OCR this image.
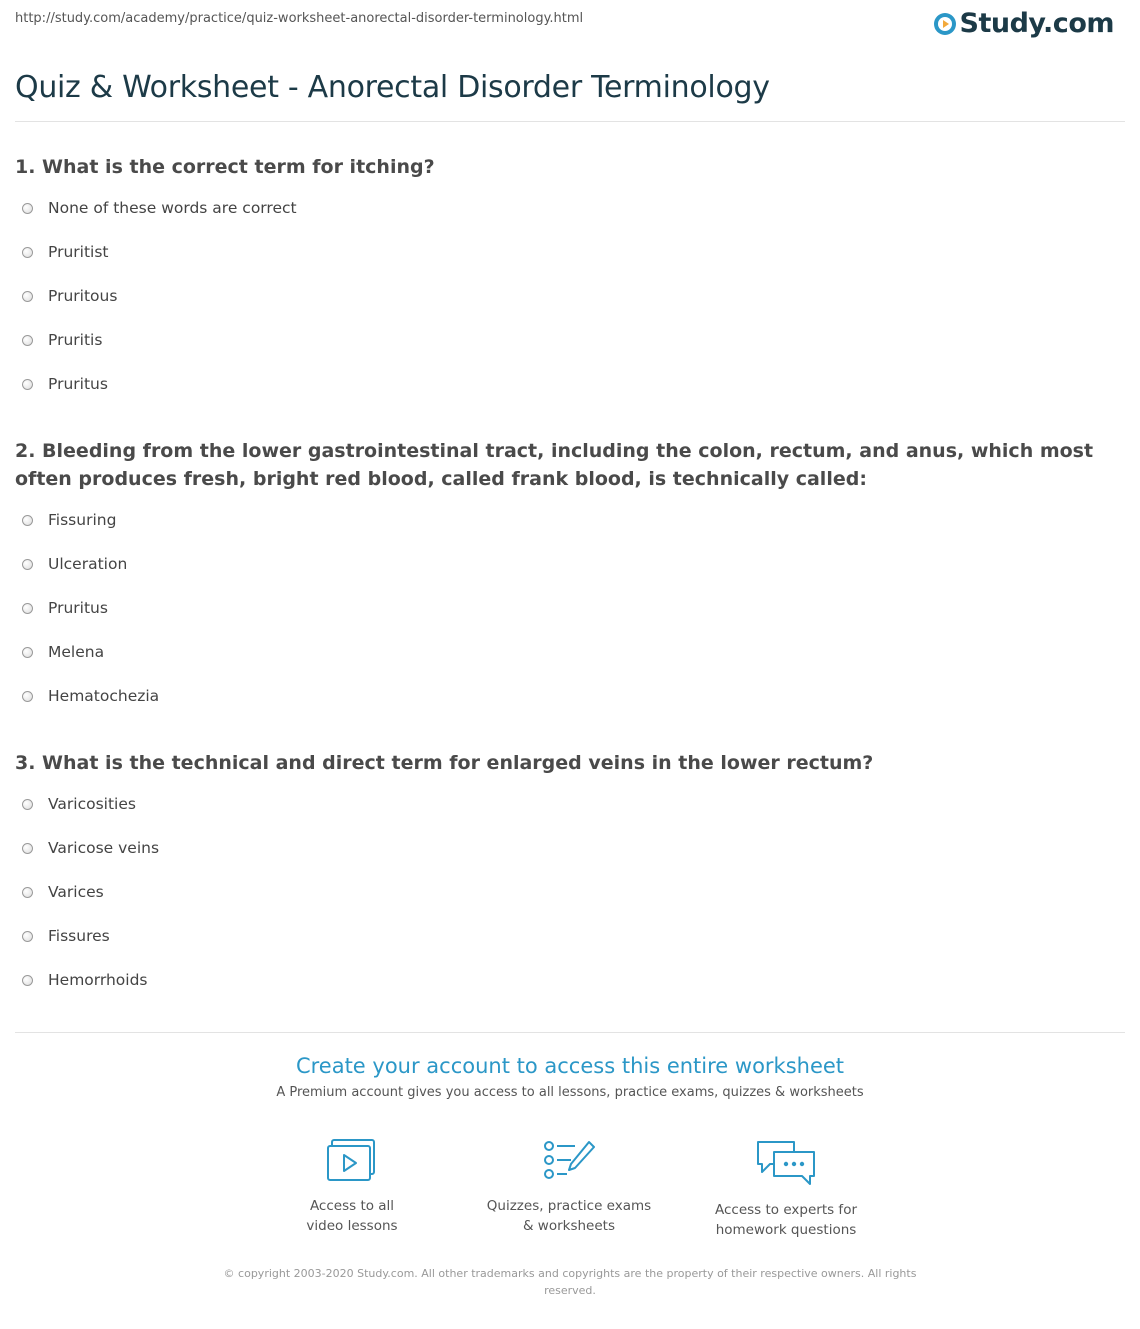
http://study.com/academy/practice/quiz-worksheet-anorectal-disorder-terminology.html	Study.com
Quiz & Worksheet - Anorectal Disorder Terminology
1. What is the correct term for itching?
None of these words are correct
Pruritist
Pruritous
Pruritis
Pruritus
2. Bleeding from the lower gastrointestinal tract, including the colon, rectum, and anus, which most often produces fresh, bright red blood, called frank blood, is technically called:
Fissuring
Ulceration
Pruritus
Melena
Hematochezia
3. What is the technical and direct term for enlarged veins in the lower rectum?
Varicosities
Varicose veins
Varices
Fissures
Hemorrhoids
Create your account to access this entire worksheet
A Premium account gives you access to all lessons, practice exams, quizzes & worksheets
Access to all
video lessons
Quizzes, practice exams
& worksheets
Access to experts for
homework questions
© copyright 2003-2020 Study.com. All other trademarks and copyrights are the property of their respective owners. All rights
reserved.
